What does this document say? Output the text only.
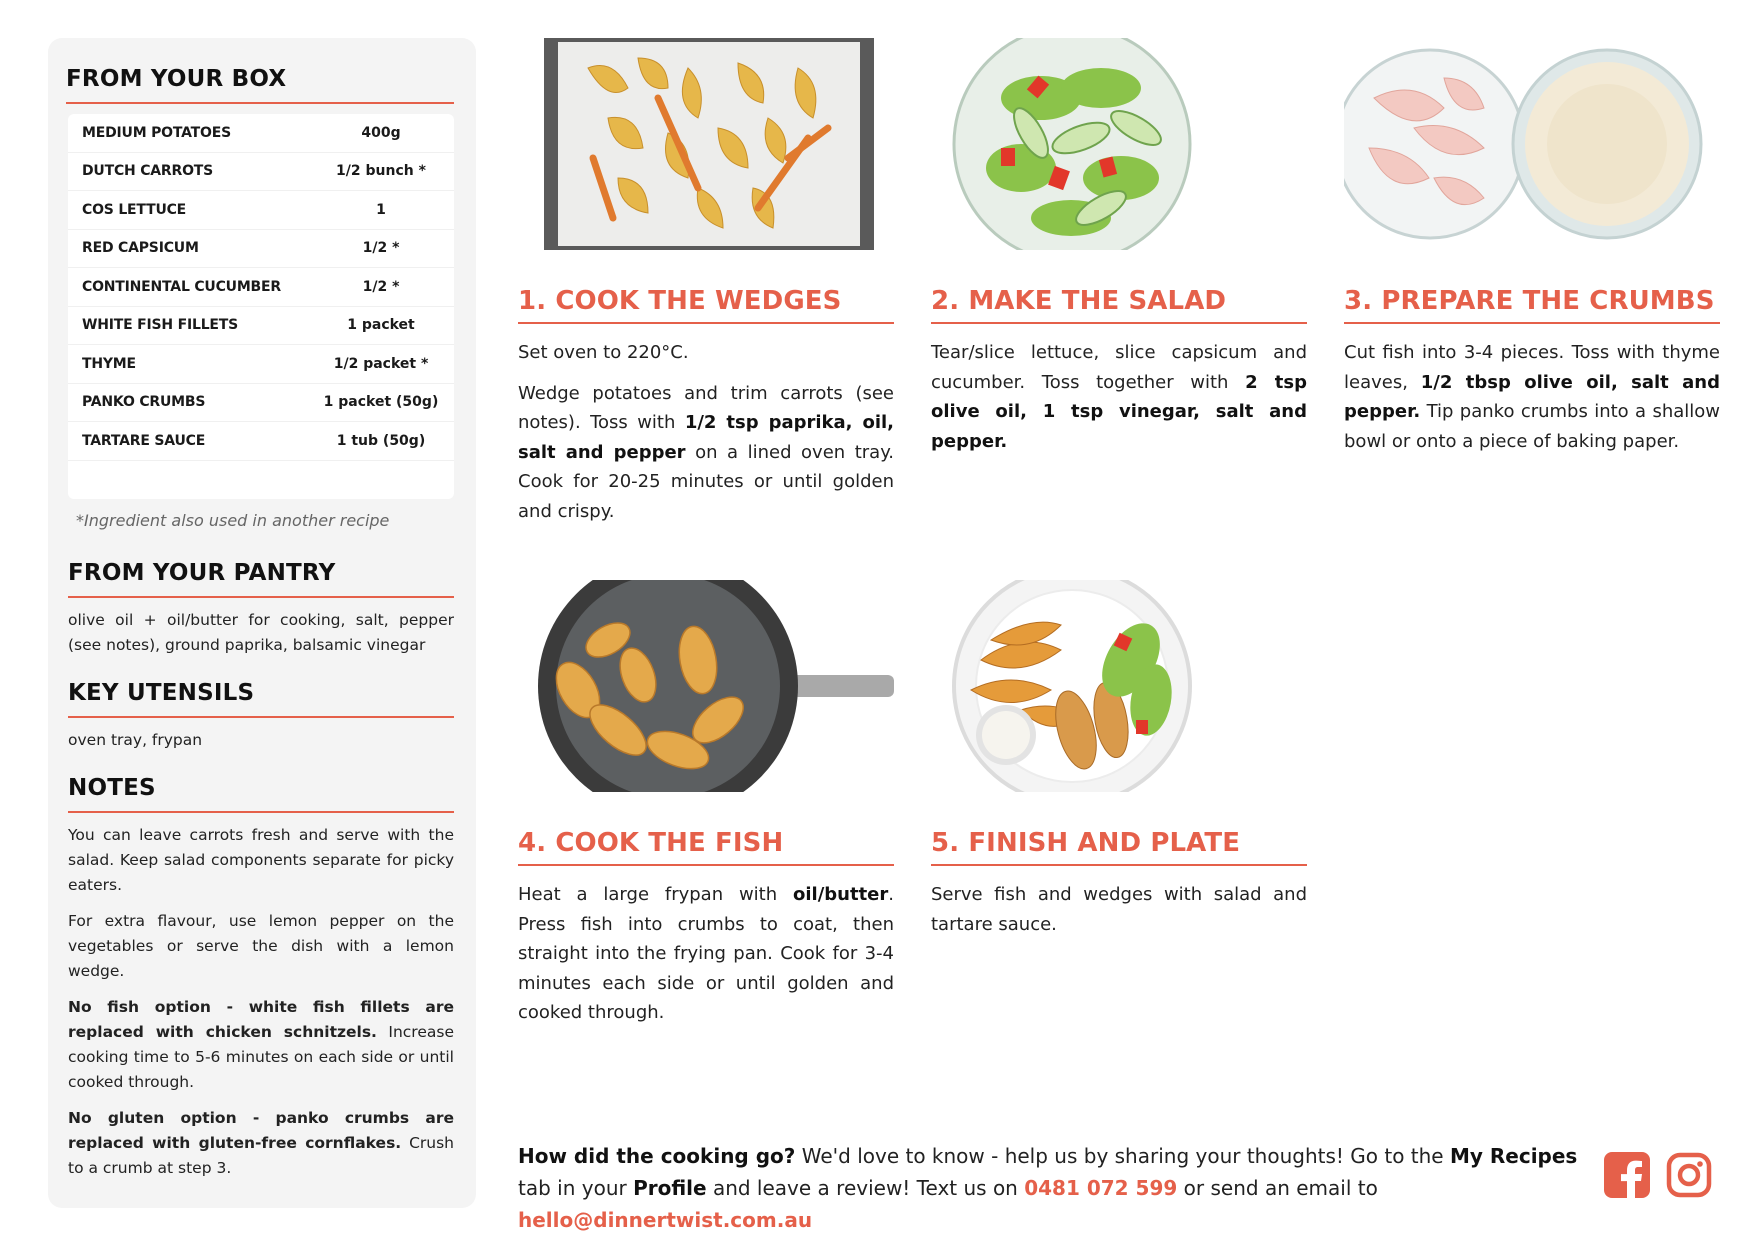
FROM YOUR BOX
MEDIUM POTATOES	400g
DUTCH CARROTS	1/2 bunch *
COS LETTUCE	1
RED CAPSICUM	1/2 *
CONTINENTAL CUCUMBER	1/2 *
WHITE FISH FILLETS	1 packet
THYME	1/2 packet *
PANKO CRUMBS	1 packet (50g)
TARTARE SAUCE	1 tub (50g)
*Ingredient also used in another recipe
FROM YOUR PANTRY
olive oil + oil/butter for cooking, salt, pepper (see notes), ground paprika, balsamic vinegar
KEY UTENSILS
oven tray, frypan
NOTES

You can leave carrots fresh and serve with the salad. Keep salad components separate for picky eaters.

For extra flavour, use lemon pepper on the vegetables or serve the dish with a lemon wedge.

No fish option - white fish fillets are replaced with chicken schnitzels. Increase cooking time to 5-6 minutes on each side or until cooked through.

No gluten option - panko crumbs are replaced with gluten-free cornflakes. Crush to a crumb at step 3.

1. COOK THE WEDGES

Set oven to 220°C.

Wedge potatoes and trim carrots (see notes). Toss with 1/2 tsp paprika, oil, salt and pepper on a lined oven tray. Cook for 20-25 minutes or until golden and crispy.

2. MAKE THE SALAD

Tear/slice lettuce, slice capsicum and cucumber. Toss together with 2 tsp olive oil, 1 tsp vinegar, salt and pepper.

3. PREPARE THE CRUMBS

Cut fish into 3-4 pieces. Toss with thyme leaves, 1/2 tbsp olive oil, salt and pepper. Tip panko crumbs into a shallow bowl or onto a piece of baking paper.

4. COOK THE FISH

Heat a large frypan with oil/butter. Press fish into crumbs to coat, then straight into the frying pan. Cook for 3-4 minutes each side or until golden and cooked through.

5. FINISH AND PLATE

Serve fish and wedges with salad and tartare sauce.

How did the cooking go? We'd love to know - help us by sharing your thoughts! Go to the My Recipes tab in your Profile and leave a review! Text us on 0481 072 599 or send an email to hello@dinnertwist.com.au
